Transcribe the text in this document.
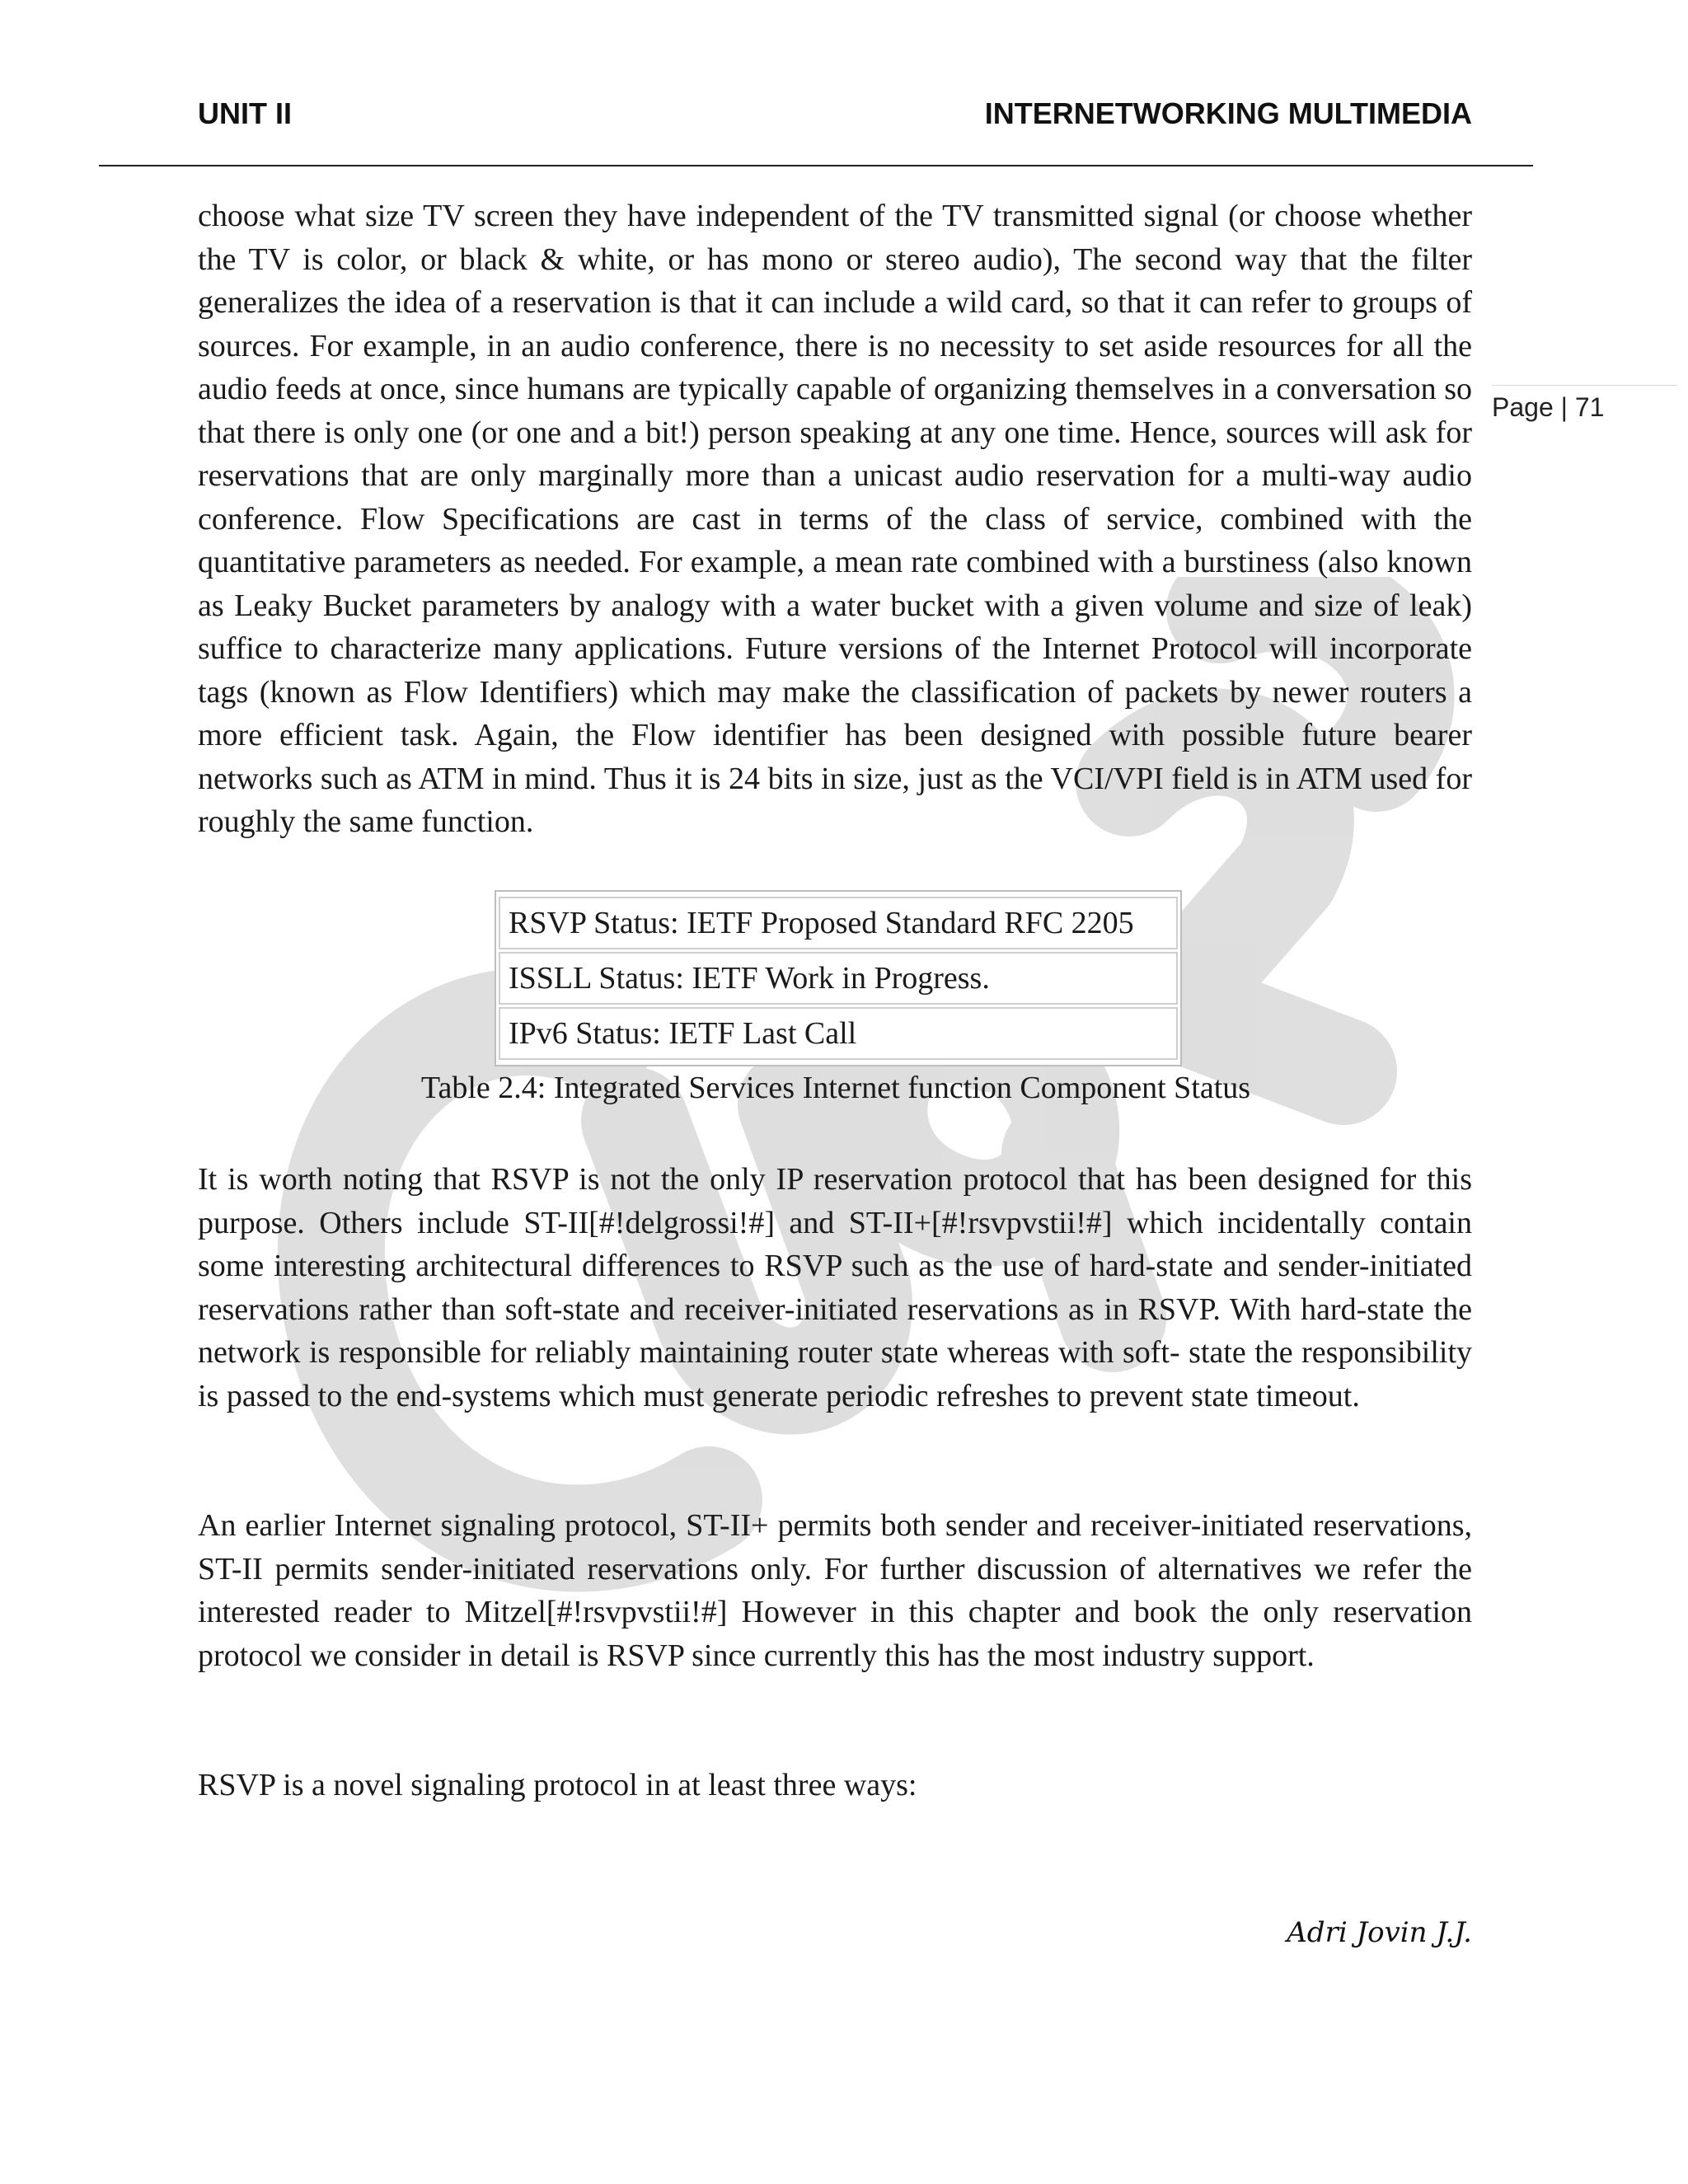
UNIT II	INTERNETWORKING MULTIMEDIA
Page | 71

choose what size TV screen they have independent of the TV transmitted signal (or choose whether the TV is color, or black & white, or has mono or stereo audio), The second way that the filter generalizes the idea of a reservation is that it can include a wild card, so that it can refer to groups of sources. For example, in an audio conference, there is no necessity to set aside resources for all the audio feeds at once, since humans are typically capable of organizing themselves in a conversation so that there is only one (or one and a bit!) person speaking at any one time. Hence, sources will ask for reservations that are only marginally more than a unicast audio reservation for a multi-way audio conference. Flow Specifications are cast in terms of the class of service, combined with the quantitative parameters as needed. For example, a mean rate combined with a burstiness (also known as Leaky Bucket parameters by analogy with a water bucket with a given volume and size of leak) suffice to characterize many applications. Future versions of the Internet Protocol will incorporate tags (known as Flow Identifiers) which may make the classification of packets by newer routers a more efficient task. Again, the Flow identifier has been designed with possible future bearer networks such as ATM in mind. Thus it is 24 bits in size, just as the VCI/VPI field is in ATM used for roughly the same function.

RSVP Status: IETF Proposed Standard RFC 2205
ISSLL Status: IETF Work in Progress.
IPv6 Status: IETF Last Call
Table 2.4: Integrated Services Internet function Component Status

It is worth noting that RSVP is not the only IP reservation protocol that has been designed for this purpose. Others include ST-II[#!delgrossi!#] and ST-II+[#!rsvpvstii!#] which incidentally contain some interesting architectural differences to RSVP such as the use of hard-state and sender-initiated reservations rather than soft-state and receiver-initiated reservations as in RSVP. With hard-state the network is responsible for reliably maintaining router state whereas with soft- state the responsibility is passed to the end-systems which must generate periodic refreshes to prevent state timeout.

An earlier Internet signaling protocol, ST-II+ permits both sender and receiver-initiated reservations, ST-II permits sender-initiated reservations only. For further discussion of alternatives we refer the interested reader to Mitzel[#!rsvpvstii!#] However in this chapter and book the only reservation protocol we consider in detail is RSVP since currently this has the most industry support.

RSVP is a novel signaling protocol in at least three ways:

Adri Jovin J.J.
